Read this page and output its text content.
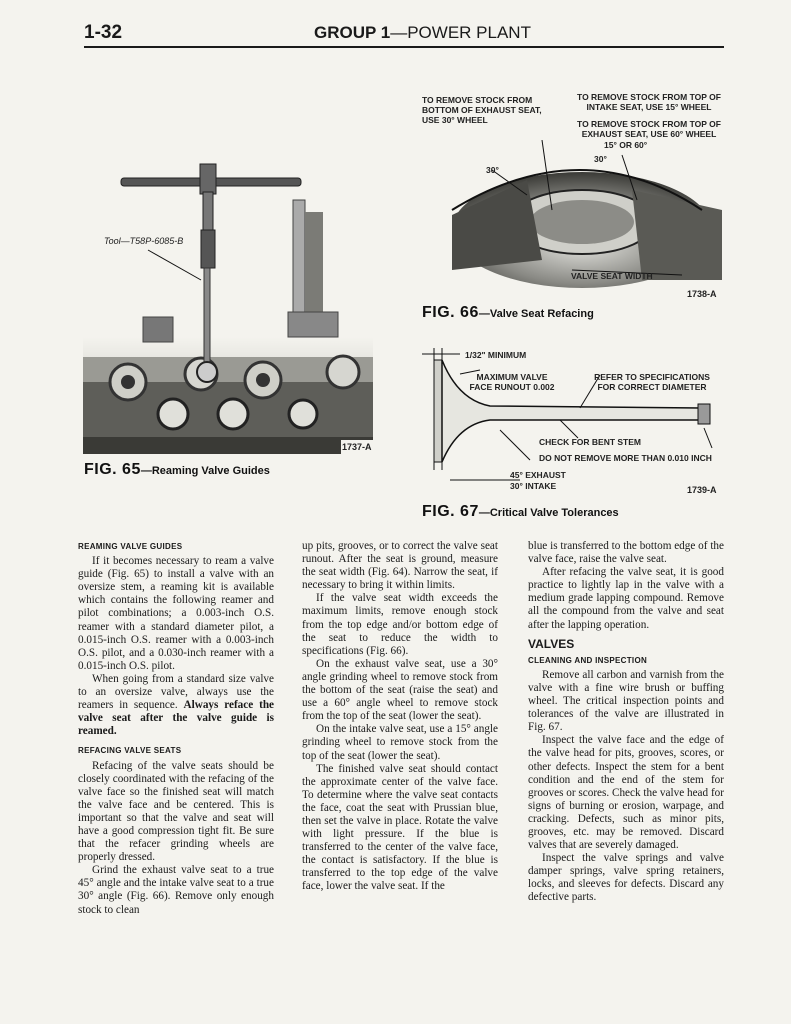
1-32	GROUP 1—POWER PLANT
Tool—T58P-6085-B
1737-A
FIG. 65—Reaming Valve Guides
TO REMOVE STOCK FROM BOTTOM OF EXHAUST SEAT, USE 30° WHEEL
TO REMOVE STOCK FROM TOP OF INTAKE SEAT, USE 15° WHEEL
TO REMOVE STOCK FROM TOP OF EXHAUST SEAT, USE 60° WHEEL
15° OR 60°
30°
30°
VALVE SEAT WIDTH
1738-A
FIG. 66—Valve Seat Refacing
1/32" MINIMUM
MAXIMUM VALVE FACE RUNOUT 0.002
REFER TO SPECIFICATIONS FOR CORRECT DIAMETER
CHECK FOR BENT STEM
DO NOT REMOVE MORE THAN 0.010 INCH
45° EXHAUST
30° INTAKE	1739-A
FIG. 67—Critical Valve Tolerances
REAMING VALVE GUIDES

If it becomes necessary to ream a valve guide (Fig. 65) to install a valve with an oversize stem, a reaming kit is available which contains the following reamer and pilot combinations; a 0.003-inch O.S. reamer with a standard diameter pilot, a 0.015-inch O.S. reamer with a 0.003-inch O.S. pilot, and a 0.030-inch reamer with a 0.015-inch O.S. pilot.

When going from a standard size valve to an oversize valve, always use the reamers in sequence. Always reface the valve seat after the valve guide is reamed.

REFACING VALVE SEATS

Refacing of the valve seats should be closely coordinated with the refacing of the valve face so the finished seat will match the valve face and be centered. This is important so that the valve and seat will have a good compression tight fit. Be sure that the refacer grinding wheels are properly dressed.

Grind the exhaust valve seat to a true 45° angle and the intake valve seat to a true 30° angle (Fig. 66). Remove only enough stock to clean

up pits, grooves, or to correct the valve seat runout. After the seat is ground, measure the seat width (Fig. 64). Narrow the seat, if necessary to bring it within limits.

If the valve seat width exceeds the maximum limits, remove enough stock from the top edge and/or bottom edge of the seat to reduce the width to specifications (Fig. 66).

On the exhaust valve seat, use a 30° angle grinding wheel to remove stock from the bottom of the seat (raise the seat) and use a 60° angle wheel to remove stock from the top of the seat (lower the seat).

On the intake valve seat, use a 15° angle grinding wheel to remove stock from the top of the seat (lower the seat).

The finished valve seat should contact the approximate center of the valve face. To determine where the valve seat contacts the face, coat the seat with Prussian blue, then set the valve in place. Rotate the valve with light pressure. If the blue is transferred to the center of the valve face, the contact is satisfactory. If the blue is transferred to the top edge of the valve face, lower the valve seat. If the

blue is transferred to the bottom edge of the valve face, raise the valve seat.

After refacing the valve seat, it is good practice to lightly lap in the valve with a medium grade lapping compound. Remove all the compound from the valve and seat after the lapping operation.

VALVES
CLEANING AND INSPECTION

Remove all carbon and varnish from the valve with a fine wire brush or buffing wheel. The critical inspection points and tolerances of the valve are illustrated in Fig. 67.

Inspect the valve face and the edge of the valve head for pits, grooves, scores, or other defects. Inspect the stem for a bent condition and the end of the stem for grooves or scores. Check the valve head for signs of burning or erosion, warpage, and cracking. Defects, such as minor pits, grooves, etc. may be removed. Discard valves that are severely damaged.

Inspect the valve springs and valve damper springs, valve spring retainers, locks, and sleeves for defects. Discard any defective parts.
